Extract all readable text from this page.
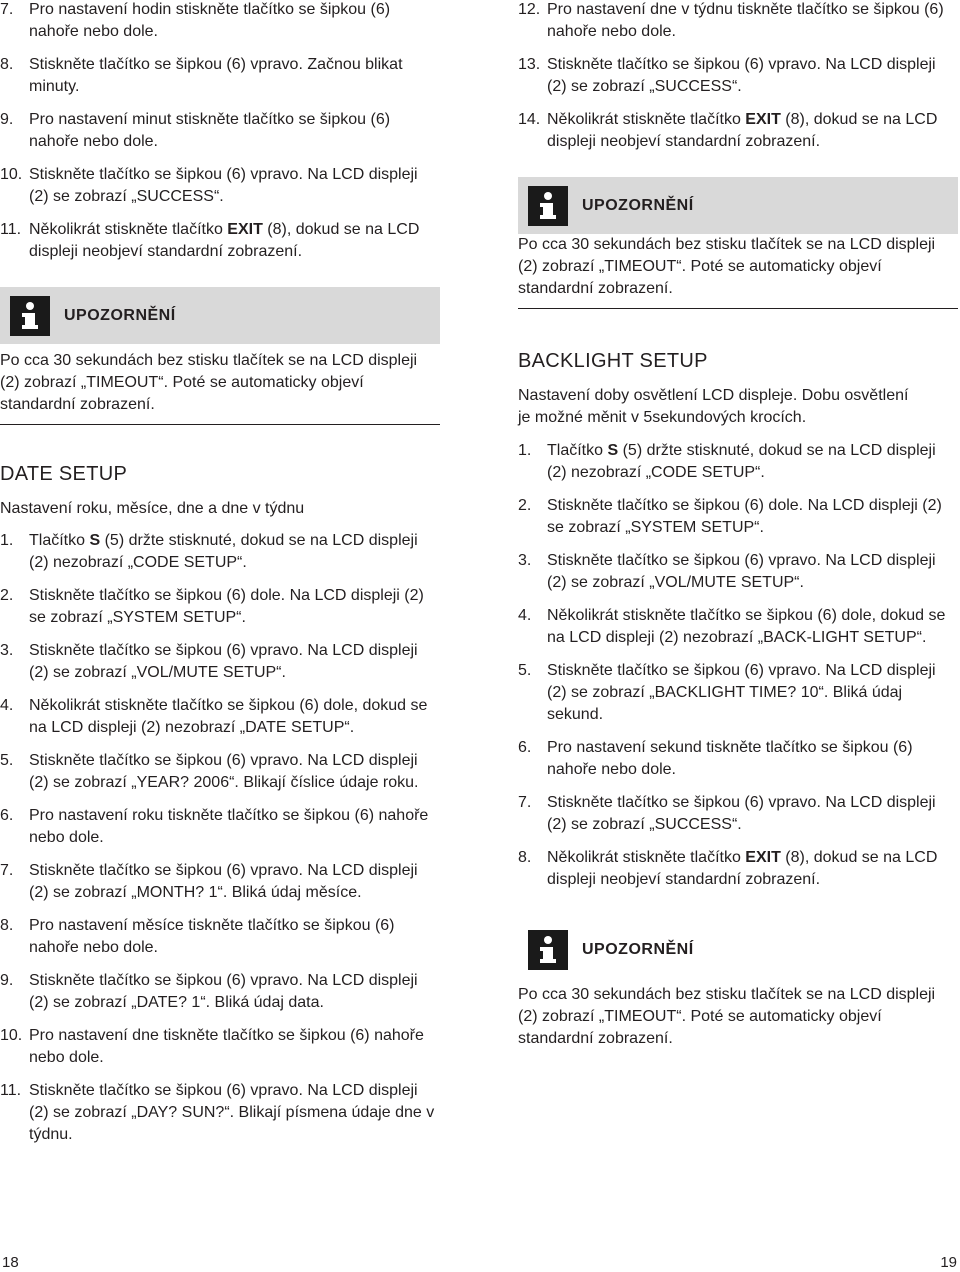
7. Pro nastavení hodin stiskněte tlačítko se šipkou (6) nahoře nebo dole.
8. Stiskněte tlačítko se šipkou (6) vpravo. Začnou blikat minuty.
9. Pro nastavení minut stiskněte tlačítko se šipkou (6) nahoře nebo dole.
10. Stiskněte tlačítko se šipkou (6) vpravo. Na LCD displeji (2) se zobrazí „SUCCESS“.
11. Několikrát stiskněte tlačítko EXIT (8), dokud se na LCD displeji neobjeví standardní zobrazení.
UPOZORNĚNÍ
Po cca 30 sekundách bez stisku tlačítek se na LCD displeji (2) zobrazí „TIMEOUT“. Poté se automaticky objeví standardní zobrazení.
DATE SETUP
Nastavení roku, měsíce, dne a dne v týdnu
1. Tlačítko S (5) držte stisknuté, dokud se na LCD displeji (2) nezobrazí „CODE SETUP“.
2. Stiskněte tlačítko se šipkou (6) dole. Na LCD displeji (2) se zobrazí „SYSTEM SETUP“.
3. Stiskněte tlačítko se šipkou (6) vpravo. Na LCD displeji (2) se zobrazí „VOL/MUTE SETUP“.
4. Několikrát stiskněte tlačítko se šipkou (6) dole, dokud se na LCD displeji (2) nezobrazí „DATE SETUP“.
5. Stiskněte tlačítko se šipkou (6) vpravo. Na LCD displeji (2) se zobrazí „YEAR? 2006“. Blikají číslice údaje roku.
6. Pro nastavení roku tiskněte tlačítko se šipkou (6) nahoře nebo dole.
7. Stiskněte tlačítko se šipkou (6) vpravo. Na LCD displeji (2) se zobrazí „MONTH? 1“. Bliká údaj měsíce.
8. Pro nastavení měsíce tiskněte tlačítko se šipkou (6) nahoře nebo dole.
9. Stiskněte tlačítko se šipkou (6) vpravo. Na LCD displeji (2) se zobrazí „DATE? 1“. Bliká údaj data.
10. Pro nastavení dne tiskněte tlačítko se šipkou (6) nahoře nebo dole.
11. Stiskněte tlačítko se šipkou (6) vpravo. Na LCD displeji (2) se zobrazí „DAY? SUN?“. Blikají písmena údaje dne v týdnu.
12. Pro nastavení dne v týdnu tiskněte tlačítko se šipkou (6) nahoře nebo dole.
13. Stiskněte tlačítko se šipkou (6) vpravo. Na LCD displeji (2) se zobrazí „SUCCESS“.
14. Několikrát stiskněte tlačítko EXIT (8), dokud se na LCD displeji neobjeví standardní zobrazení.
UPOZORNĚNÍ
Po cca 30 sekundách bez stisku tlačítek se na LCD displeji (2) zobrazí „TIMEOUT“. Poté se automaticky objeví standardní zobrazení.
BACKLIGHT SETUP
Nastavení doby osvětlení LCD displeje. Dobu osvětlení je možné měnit v 5sekundových krocích.
1. Tlačítko S (5) držte stisknuté, dokud se na LCD displeji (2) nezobrazí „CODE SETUP“.
2. Stiskněte tlačítko se šipkou (6) dole. Na LCD displeji (2) se zobrazí „SYSTEM SETUP“.
3. Stiskněte tlačítko se šipkou (6) vpravo. Na LCD displeji (2) se zobrazí „VOL/MUTE SETUP“.
4. Několikrát stiskněte tlačítko se šipkou (6) dole, dokud se na LCD displeji (2) nezobrazí „BACK-LIGHT SETUP“.
5. Stiskněte tlačítko se šipkou (6) vpravo. Na LCD displeji (2) se zobrazí „BACKLIGHT TIME? 10“. Bliká údaj sekund.
6. Pro nastavení sekund tiskněte tlačítko se šipkou (6) nahoře nebo dole.
7. Stiskněte tlačítko se šipkou (6) vpravo. Na LCD displeji (2) se zobrazí „SUCCESS“.
8. Několikrát stiskněte tlačítko EXIT (8), dokud se na LCD displeji neobjeví standardní zobrazení.
UPOZORNĚNÍ
Po cca 30 sekundách bez stisku tlačítek se na LCD displeji (2) zobrazí „TIMEOUT“. Poté se automaticky objeví standardní zobrazení.
18	19
